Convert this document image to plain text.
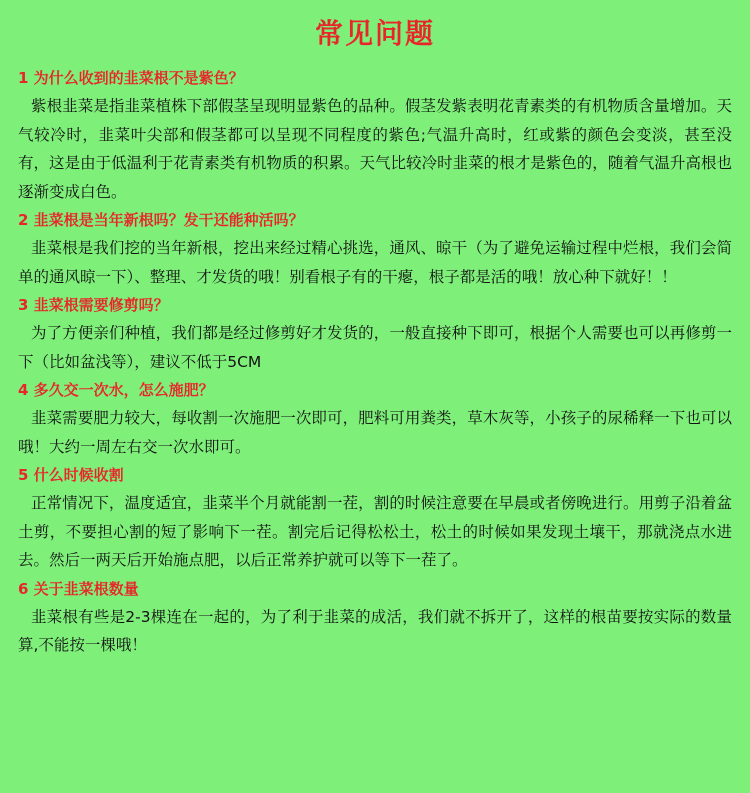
常见问题
1 为什么收到的韭菜根不是紫色？
紫根韭菜是指韭菜植株下部假茎呈现明显紫色的品种。假茎发紫表明花青素类的有机物质含量增加。天气较冷时，韭菜叶尖部和假茎都可以呈现不同程度的紫色;气温升高时，红或紫的颜色会变淡，甚至没有，这是由于低温利于花青素类有机物质的积累。天气比较冷时韭菜的根才是紫色的，随着气温升高根也逐渐变成白色。
2 韭菜根是当年新根吗？发干还能种活吗？
韭菜根是我们挖的当年新根，挖出来经过精心挑选，通风、晾干（为了避免运输过程中烂根，我们会简单的通风晾一下）、整理、才发货的哦！别看根子有的干瘪，根子都是活的哦！放心种下就好！！
3 韭菜根需要修剪吗？
为了方便亲们种植，我们都是经过修剪好才发货的，一般直接种下即可，根据个人需要也可以再修剪一下（比如盆浅等），建议不低于5CM
4 多久交一次水，怎么施肥？
韭菜需要肥力较大，每收割一次施肥一次即可，肥料可用粪类，草木灰等，小孩子的尿稀释一下也可以哦！大约一周左右交一次水即可。
5 什么时候收割
正常情况下，温度适宜，韭菜半个月就能割一茬，割的时候注意要在早晨或者傍晚进行。用剪子沿着盆土剪，不要担心割的短了影响下一茬。割完后记得松松土，松土的时候如果发现土壤干，那就浇点水进去。然后一两天后开始施点肥，以后正常养护就可以等下一茬了。
6 关于韭菜根数量
韭菜根有些是2-3棵连在一起的，为了利于韭菜的成活，我们就不拆开了，这样的根苗要按实际的数量算,不能按一棵哦！
